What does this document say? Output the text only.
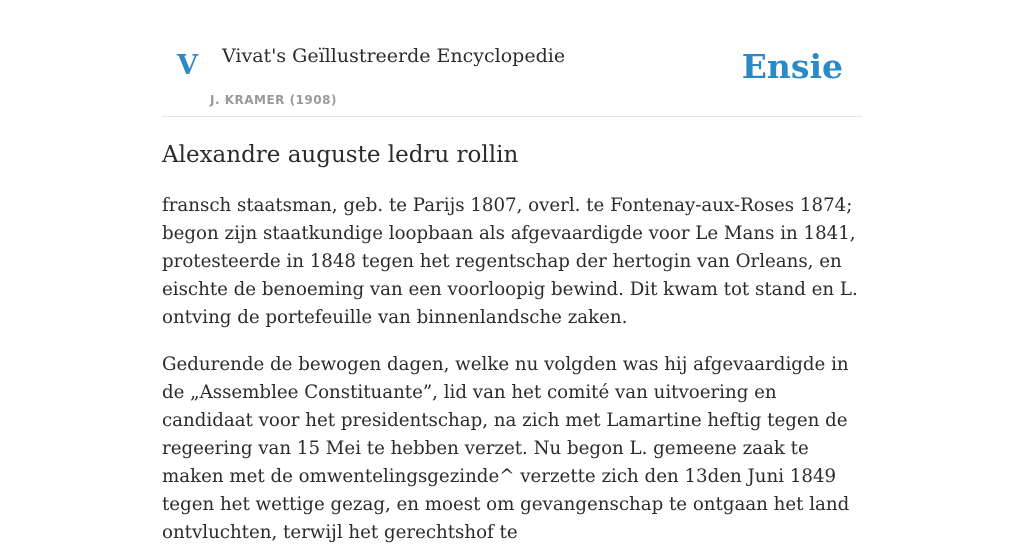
V Vivat's Geïllustreerde Encyclopedie
J. KRAMER (1908)
Ensie
Alexandre auguste ledru rollin

fransch staatsman, geb. te Parijs 1807, overl. te Fontenay-aux-Roses 1874; begon zijn staatkundige loopbaan als afgevaardigde voor Le Mans in 1841, protesteerde in 1848 tegen het regentschap der hertogin van Orleans, en eischte de benoeming van een voorloopig bewind. Dit kwam tot stand en L. ontving de portefeuille van binnenlandsche zaken.

Gedurende de bewogen dagen, welke nu volgden was hij afgevaardigde in de „Assemblee Constituante”, lid van het comité van uitvoering en candidaat voor het presidentschap, na zich met Lamartine heftig tegen de regeering van 15 Mei te hebben verzet. Nu begon L. gemeene zaak te maken met de omwentelingsgezinde^ verzette zich den 13den Juni 1849 tegen het wettige gezag, en moest om gevangenschap te ontgaan het land ontvluchten, terwijl het gerechtshof te
